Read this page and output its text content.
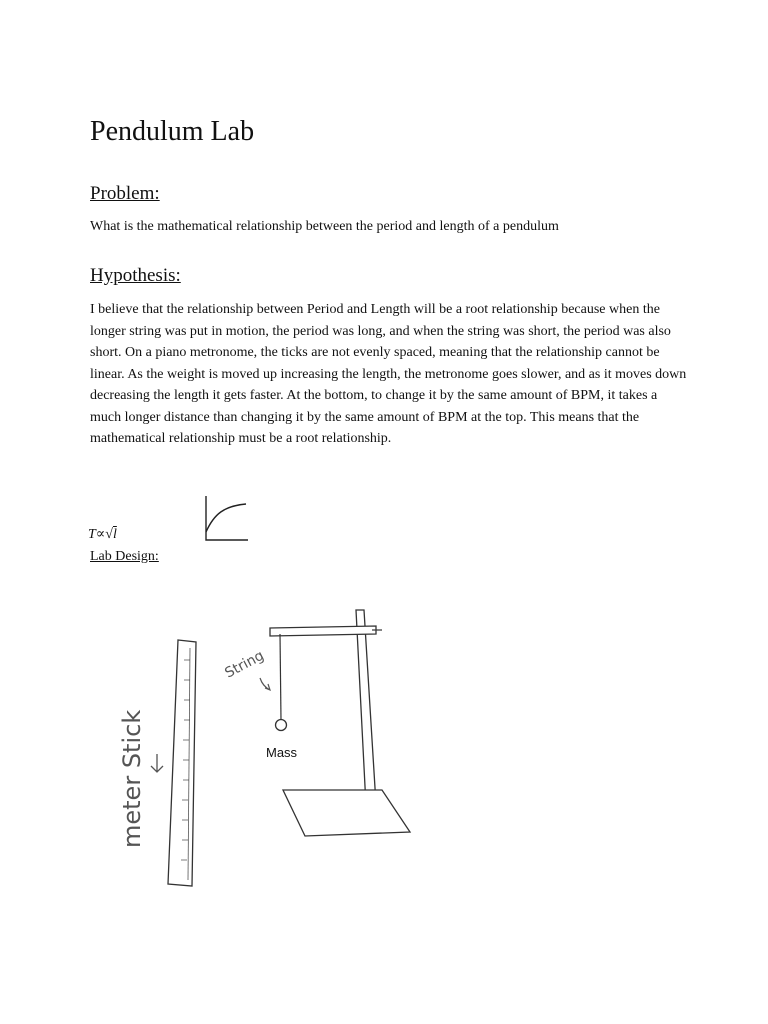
Pendulum Lab
Problem:

What is the mathematical relationship between the period and length of a pendulum

Hypothesis:

I believe that the relationship between Period and Length will be a root relationship because when the longer string was put in motion, the period was long, and when the string was short, the period was also short. On a piano metronome, the ticks are not evenly spaced, meaning that the relationship cannot be linear. As the weight is moved up increasing the length, the metronome goes slower, and as it moves down decreasing the length it gets faster. At the bottom, to change it by the same amount of BPM, it takes a much longer distance than changing it by the same amount of BPM at the top. This means that the mathematical relationship must be a root relationship.

T∝√l
Lab Design:
meter Stick
String
Mass
